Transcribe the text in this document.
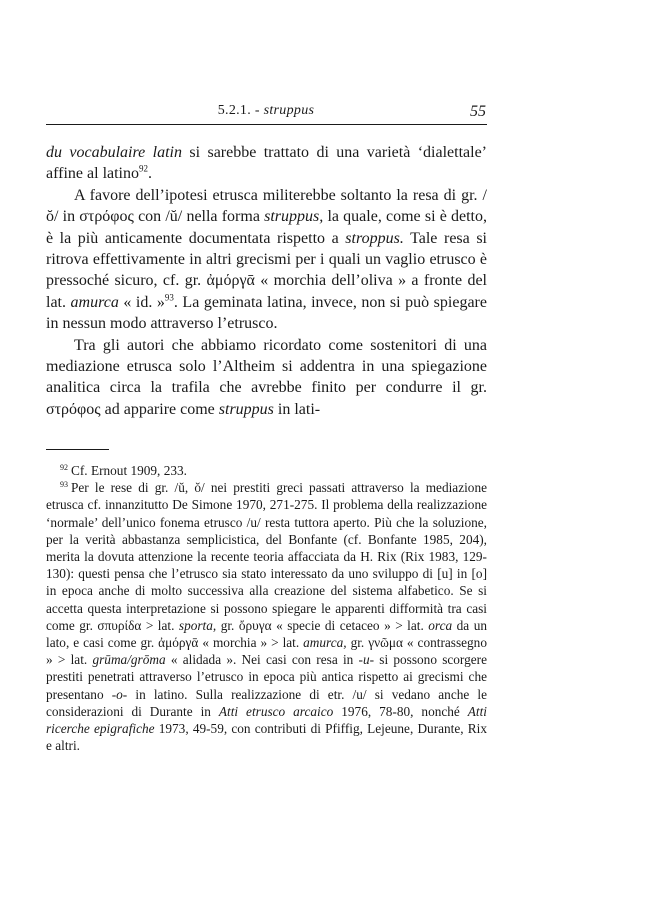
5.2.1. - struppus	55

du vocabulaire latin si sarebbe trattato di una varietà ‘dialettale’ affine al latino$^{92}$.

A favore dell’ipotesi etrusca militerebbe soltanto la resa di gr. /ŏ/ in στρόφος con /ŭ/ nella forma struppus, la quale, come si è detto, è la più anticamente documentata rispetto a stroppus. Tale resa si ritrova effettivamente in altri grecismi per i quali un vaglio etrusco è pressoché sicuro, cf. gr. ἀμόργᾱ « morchia dell’oliva » a fronte del lat. amurca « id. »$^{93}$. La geminata latina, invece, non si può spiegare in nessun modo attraverso l’etrusco.

Tra gli autori che abbiamo ricordato come sostenitori di una mediazione etrusca solo l’Altheim si addentra in una spiegazione analitica circa la trafila che avrebbe finito per condurre il gr. στρόφος ad apparire come struppus in lati-

$^{92}$ Cf. Ernout 1909, 233.

$^{93}$ Per le rese di gr. /ŭ, ŏ/ nei prestiti greci passati attraverso la mediazione etrusca cf. innanzitutto De Simone 1970, 271-275. Il problema della realizzazione ‘normale’ dell’unico fonema etrusco /u/ resta tuttora aperto. Più che la soluzione, per la verità abbastanza semplicistica, del Bonfante (cf. Bonfante 1985, 204), merita la dovuta attenzione la recente teoria affacciata da H. Rix (Rix 1983, 129-130): questi pensa che l’etrusco sia stato interessato da uno sviluppo di [u] in [o] in epoca anche di molto successiva alla creazione del sistema alfabetico. Se si accetta questa interpretazione si possono spiegare le apparenti difformità tra casi come gr. σπυρίδα > lat. sporta, gr. ὄρυγα « specie di cetaceo » > lat. orca da un lato, e casi come gr. ἀμόργᾱ « morchia » > lat. amurca, gr. γνῶμα « contrassegno » > lat. grūma/grōma « alidada ». Nei casi con resa in -u- si possono scorgere prestiti penetrati attraverso l’etrusco in epoca più antica rispetto ai grecismi che presentano -o- in latino. Sulla realizzazione di etr. /u/ si vedano anche le considerazioni di Durante in Atti etrusco arcaico 1976, 78-80, nonché Atti ricerche epigrafiche 1973, 49-59, con contributi di Pfiffig, Lejeune, Durante, Rix e altri.
